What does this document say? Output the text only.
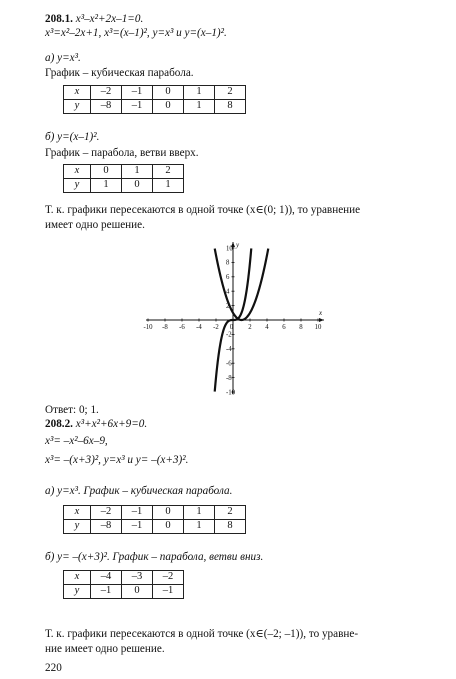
208.1. x³–x²+2x–1=0.
x³=x²–2x+1, x³=(x–1)², y=x³ и y=(x–1)².
а) y=x³.
График – кубическая парабола.
x	–2	–1	0	1	2
y	–8	–1	0	1	8
б) y=(x–1)².
График – парабола, ветви вверх.
x	0	1	2
y	1	0	1
Т. к. графики пересекаются в одной точке (x∈(0; 1)), то уравнение
имеет одно решение.
x
y
-10 -8 -6 -4 -2 0 2 4 6 8 10
10
8
6
4
2
-2
-4
-6
-8
-10
Ответ: 0; 1.
208.2. x³+x²+6x+9=0.
x³= –x²–6x–9,
x³= –(x+3)², y=x³ и y= –(x+3)².
а) y=x³. График – кубическая парабола.
x	–2	–1	0	1	2
y	–8	–1	0	1	8
б) y= –(x+3)². График – парабола, ветви вниз.
x	–4	–3	–2
y	–1	0	–1
Т. к. графики пересекаются в одной точке (x∈(–2; –1)), то уравне-
ние имеет одно решение.
220
